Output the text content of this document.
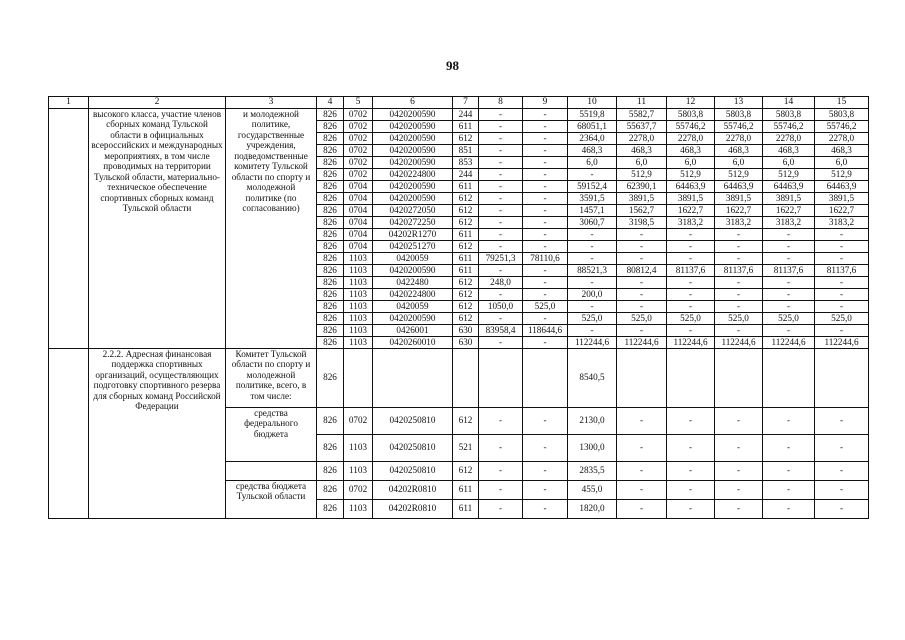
98
1	2	3	4	5	6	7	8	9	10	11	12	13	14	15
	высокого класса, участие членов сборных команд Тульской области в официальных всероссийских и международных мероприятиях, в том числе проводимых на территории Тульской области, материально-техническое обеспечение спортивных сборных команд Тульской области	и молодежной политике, государственные учреждения, подведомственные комитету Тульской области по спорту и молодежной политике (по согласованию)	826	0702	0420200590	244	-	-	5519,8	5582,7	5803,8	5803,8	5803,8	5803,8
			826	0702	0420200590	611	-	-	68051,1	55637,7	55746,2	55746,2	55746,2	55746,2
			826	0702	0420200590	612	-	-	2364,0	2278,0	2278,0	2278,0	2278,0	2278,0
			826	0702	0420200590	851	-	-	468,3	468,3	468,3	468,3	468,3	468,3
			826	0702	0420200590	853	-	-	6,0	6,0	6,0	6,0	6,0	6,0
			826	0702	0420224800	244	-	-	-	512,9	512,9	512,9	512,9	512,9
			826	0704	0420200590	611	-	-	59152,4	62390,1	64463,9	64463,9	64463,9	64463,9
			826	0704	0420200590	612	-	-	3591,5	3891,5	3891,5	3891,5	3891,5	3891,5
			826	0704	0420272050	612	-	-	1457,1	1562,7	1622,7	1622,7	1622,7	1622,7
			826	0704	0420272250	612	-	-	3060,7	3198,5	3183,2	3183,2	3183,2	3183,2
			826	0704	04202R1270	611	-	-	-	-	-	-	-	-
			826	0704	0420251270	612	-	-	-	-	-	-	-	-
			826	1103	0420059	611	79251,3	78110,6	-	-	-	-	-	-
			826	1103	0420200590	611	-	-	88521,3	80812,4	81137,6	81137,6	81137,6	81137,6
			826	1103	0422480	612	248,0	-	-	-	-	-	-	-
			826	1103	0420224800	612	-	-	200,0	-	-	-	-	-
			826	1103	0420059	612	1050,0	525,0	-	-	-	-	-	-
			826	1103	0420200590	612	-	-	525,0	525,0	525,0	525,0	525,0	525,0
			826	1103	0426001	630	83958,4	118644,6	-	-	-	-	-	-
			826	1103	0420260010	630	-	-	112244,6	112244,6	112244,6	112244,6	112244,6	112244,6
	2.2.2. Адресная финансовая поддержка спортивных организаций, осуществляющих подготовку спортивного резерва для сборных команд Российской Федерации	Комитет Тульской области по спорту и молодежной политике, всего, в том числе:	826						8540,5					
		средства федерального бюджета	826	0702	0420250810	612	-	-	2130,0	-	-	-	-	-
			826	1103	0420250810	521	-	-	1300,0	-	-	-	-	-
			826	1103	0420250810	612	-	-	2835,5	-	-	-	-	-
		средства бюджета Тульской области	826	0702	04202R0810	611	-	-	455,0	-	-	-	-	-
			826	1103	04202R0810	611	-	-	1820,0	-	-	-	-	-
